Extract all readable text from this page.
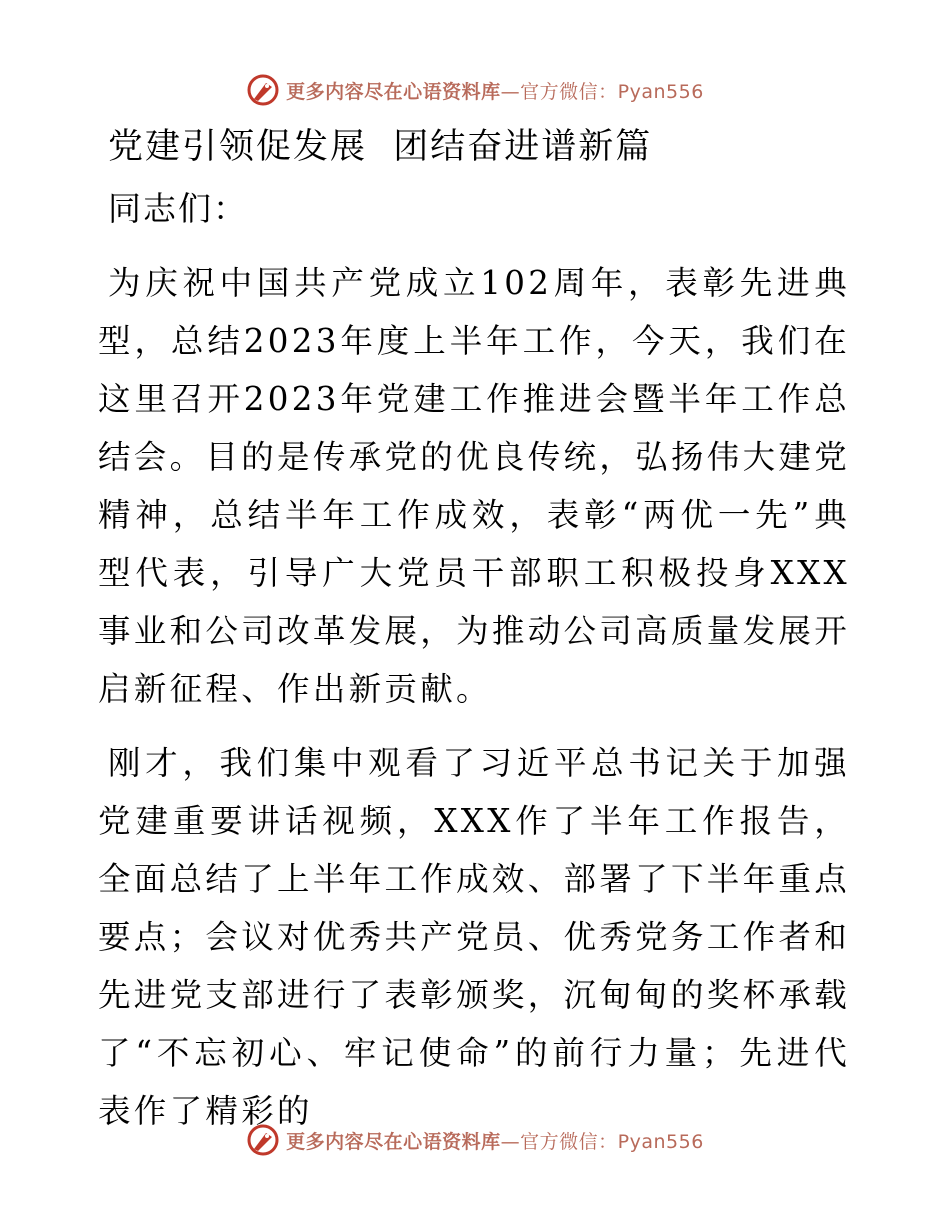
更多内容尽在心语资料库—官方微信：Pyan556
党建引领促发展  团结奋进谱新篇
同志们：

为庆祝中国共产党成立102周年，表彰先进典型，总结2023年度上半年工作，今天，我们在这里召开2023年党建工作推进会暨半年工作总结会。目的是传承党的优良传统，弘扬伟大建党精神，总结半年工作成效，表彰“两优一先”典型代表，引导广大党员干部职工积极投身XXX事业和公司改革发展，为推动公司高质量发展开启新征程、作出新贡献。

刚才，我们集中观看了习近平总书记关于加强党建重要讲话视频，XXX作了半年工作报告，全面总结了上半年工作成效、部署了下半年重点要点；会议对优秀共产党员、优秀党务工作者和先进党支部进行了表彰颁奖，沉甸甸的奖杯承载了“不忘初心、牢记使命”的前行力量；先进代表作了精彩的

更多内容尽在心语资料库—官方微信：Pyan556
